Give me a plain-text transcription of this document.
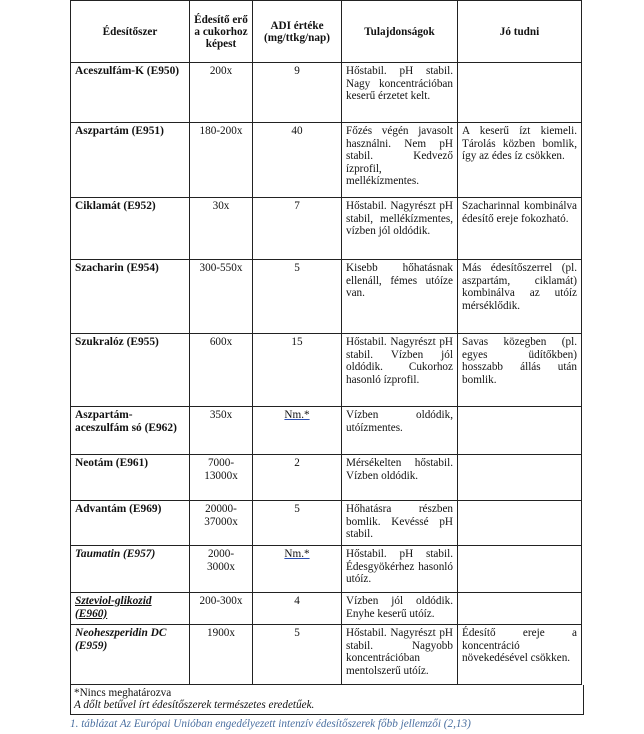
Édesítőszer	Édesítő erő a cukorhoz képest	ADI értéke (mg/ttkg/nap)	Tulajdonságok	Jó tudni
Aceszulfám-K (E950)	200x	9	Hőstabil. pH stabil. Nagy koncentrációban keserű érzetet kelt.	
Aszpartám (E951)	180-200x	40	Főzés végén javasolt használni. Nem pH stabil. Kedvező ízprofil, mellékízmentes.	A keserű ízt kiemeli. Tárolás közben bomlik, így az édes íz csökken.
Ciklamát (E952)	30x	7	Hőstabil. Nagyrészt pH stabil, mellékízmentes, vízben jól oldódik.	Szacharinnal kombinálva édesítő ereje fokozható.
Szacharin (E954)	300-550x	5	Kisebb hőhatásnak ellenáll, fémes utóíze van.	Más édesítőszerrel (pl. aszpartám, ciklamát) kombinálva az utóíz mérséklődik.
Szukralóz (E955)	600x	15	Hőstabil. Nagyrészt pH stabil. Vízben jól oldódik. Cukorhoz hasonló ízprofil.	Savas közegben (pl. egyes üdítőkben) hosszabb állás után bomlik.
Aszpartám-aceszulfám só (E962)	350x	Nm.*	Vízben oldódik, utóízmentes.	
Neotám (E961)	7000-13000x	2	Mérsékelten hőstabil. Vízben oldódik.	
Advantám (E969)	20000-37000x	5	Hőhatásra részben bomlik. Kevéssé pH stabil.	
Taumatin (E957)	2000-3000x	Nm.*	Hőstabil. pH stabil. Édesgyökérhez hasonló utóíz.	
Szteviol-glikozid (E960)	200-300x	4	Vízben jól oldódik. Enyhe keserű utóíz.	
Neoheszperidin DC (E959)	1900x	5	Hőstabil. Nagyrészt pH stabil. Nagyobb koncentrációban mentolszerű utóíz.	Édesítő ereje a koncentráció növekedésével csökken.
*Nincs meghatározva
A dőlt betűvel írt édesítőszerek természetes eredetűek.
1. táblázat Az Európai Unióban engedélyezett intenzív édesítőszerek főbb jellemzői (2,13)
